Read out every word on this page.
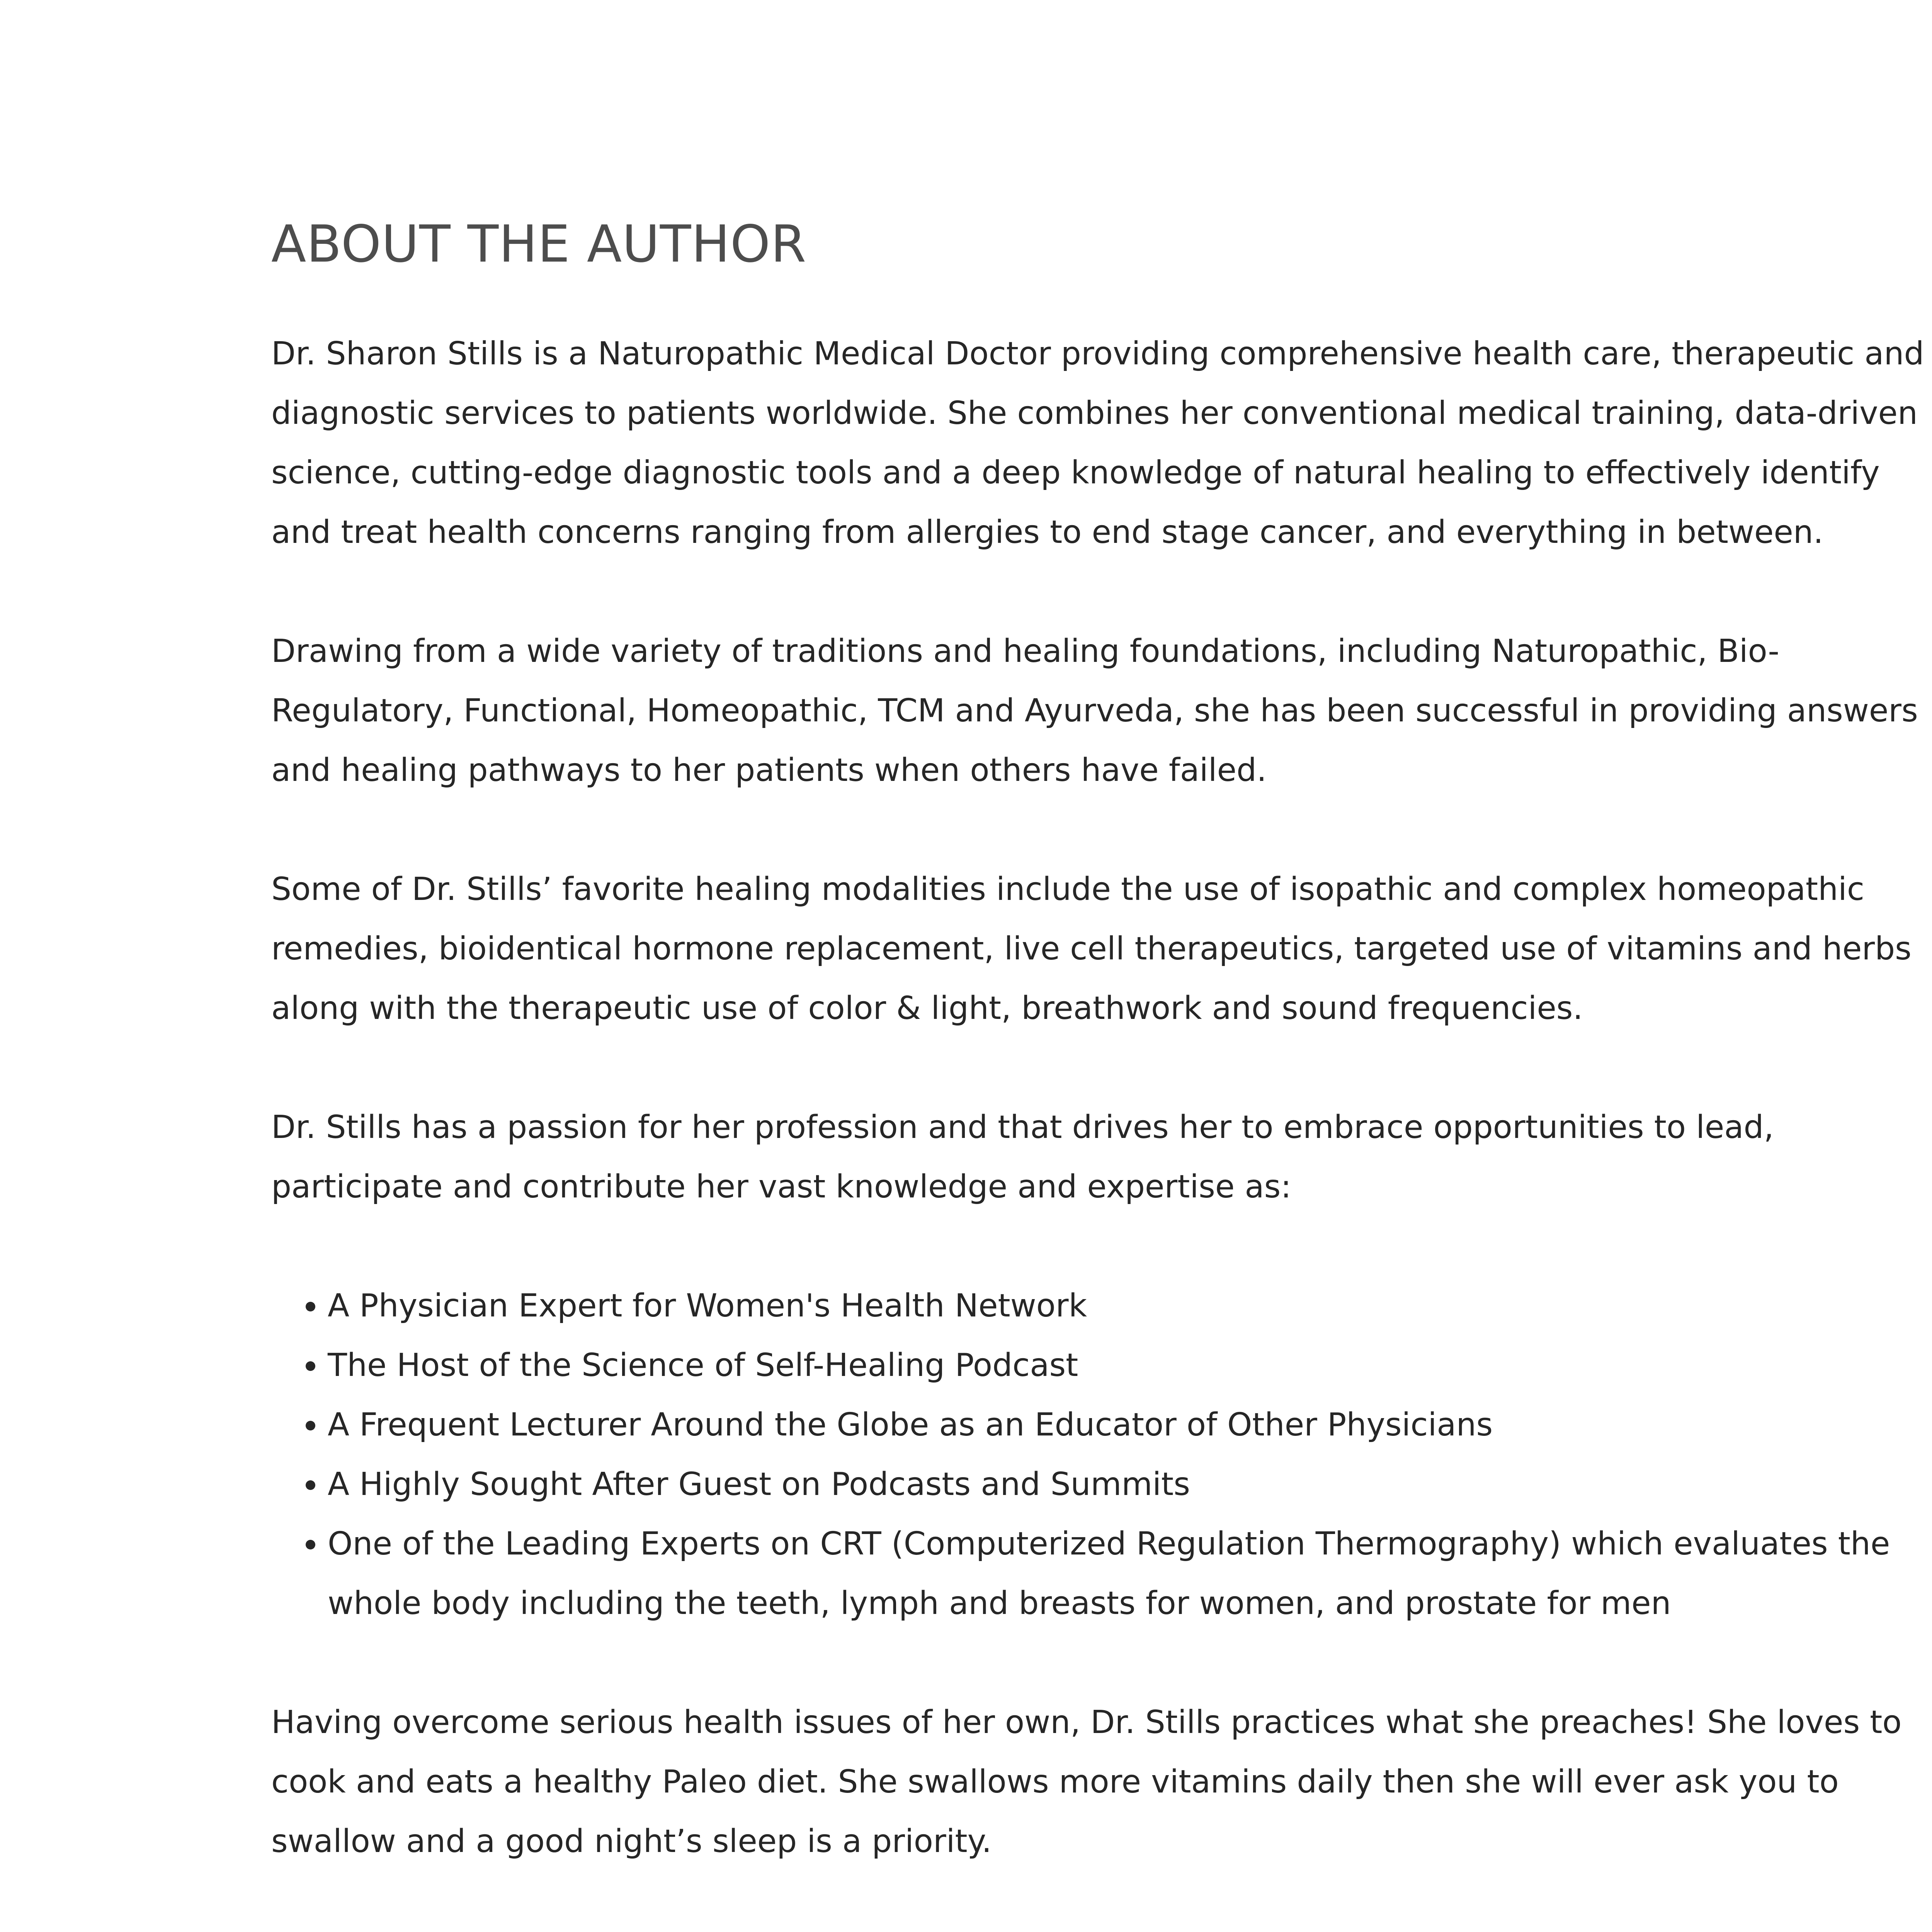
ABOUT THE AUTHOR

Dr. Sharon Stills is a Naturopathic Medical Doctor providing comprehensive health care, therapeutic and diagnostic services to patients worldwide. She combines her conventional medical training, data-driven science, cutting-edge diagnostic tools and a deep knowledge of natural healing to effectively identify and treat health concerns ranging from allergies to end stage cancer, and everything in between.

Drawing from a wide variety of traditions and healing foundations, including Naturopathic, Bio-Regulatory, Functional, Homeopathic, TCM and Ayurveda, she has been successful in providing answers and healing pathways to her patients when others have failed.

Some of Dr. Stills’ favorite healing modalities include the use of isopathic and complex homeopathic remedies, bioidentical hormone replacement, live cell therapeutics, targeted use of vitamins and herbs along with the therapeutic use of color & light, breathwork and sound frequencies.

Dr. Stills has a passion for her profession and that drives her to embrace opportunities to lead, participate and contribute her vast knowledge and expertise as:

• A Physician Expert for Women's Health Network
• The Host of the Science of Self-Healing Podcast
• A Frequent Lecturer Around the Globe as an Educator of Other Physicians
• A Highly Sought After Guest on Podcasts and Summits
• One of the Leading Experts on CRT (Computerized Regulation Thermography) which evaluates the whole body including the teeth, lymph and breasts for women, and prostate for men

Having overcome serious health issues of her own, Dr. Stills practices what she preaches! She loves to cook and eats a healthy Paleo diet. She swallows more vitamins daily then she will ever ask you to swallow and a good night’s sleep is a priority.
